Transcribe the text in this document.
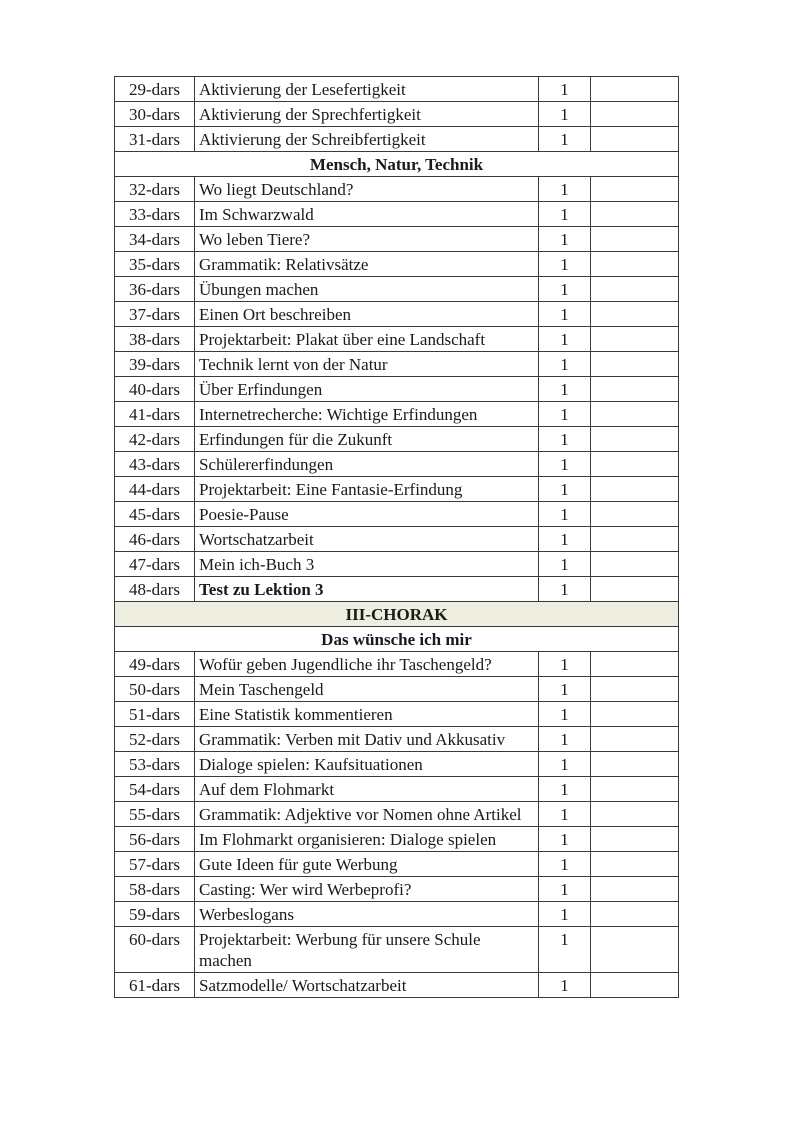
29-dars	Aktivierung der Lesefertigkeit	1	
30-dars	Aktivierung der Sprechfertigkeit	1	
31-dars	Aktivierung der Schreibfertigkeit	1	
Mensch, Natur, Technik			
32-dars	Wo liegt Deutschland?	1	
33-dars	Im Schwarzwald	1	
34-dars	Wo leben Tiere?	1	
35-dars	Grammatik: Relativsätze	1	
36-dars	Übungen machen	1	
37-dars	Einen Ort beschreiben	1	
38-dars	Projektarbeit: Plakat über eine Landschaft	1	
39-dars	Technik lernt von der Natur	1	
40-dars	Über Erfindungen	1	
41-dars	Internetrecherche: Wichtige Erfindungen	1	
42-dars	Erfindungen für die Zukunft	1	
43-dars	Schülererfindungen	1	
44-dars	Projektarbeit: Eine Fantasie-Erfindung	1	
45-dars	Poesie-Pause	1	
46-dars	Wortschatzarbeit	1	
47-dars	Mein ich-Buch 3	1	
48-dars	Test zu Lektion 3	1	
III-CHORAK			
Das wünsche ich mir			
49-dars	Wofür geben Jugendliche ihr Taschengeld?	1	
50-dars	Mein Taschengeld	1	
51-dars	Eine Statistik kommentieren	1	
52-dars	Grammatik: Verben mit Dativ und Akkusativ	1	
53-dars	Dialoge spielen: Kaufsituationen	1	
54-dars	Auf dem Flohmarkt	1	
55-dars	Grammatik: Adjektive vor Nomen ohne Artikel	1	
56-dars	Im Flohmarkt organisieren: Dialoge spielen	1	
57-dars	Gute Ideen für gute Werbung	1	
58-dars	Casting: Wer wird Werbeprofi?	1	
59-dars	Werbeslogans	1	
60-dars	Projektarbeit: Werbung für unsere Schule machen	1	
61-dars	Satzmodelle/ Wortschatzarbeit	1	
